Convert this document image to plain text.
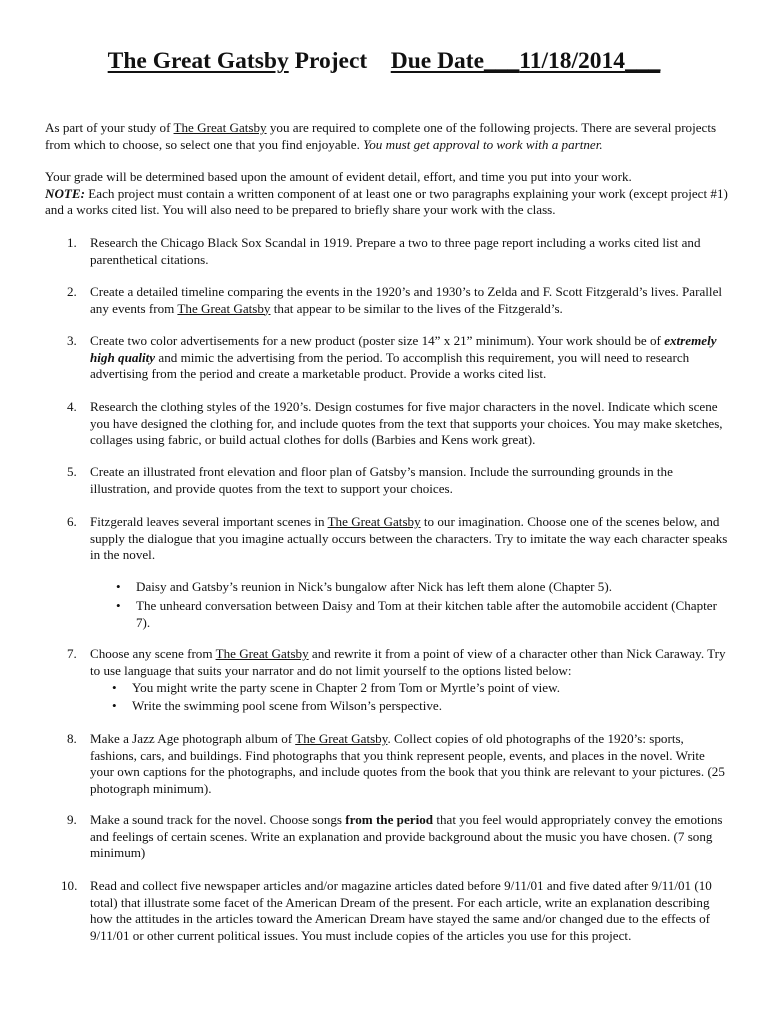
The Great Gatsby Project Due Date___11/18/2014___
As part of your study of The Great Gatsby you are required to complete one of the following projects. There are several projects from which to choose, so select one that you find enjoyable. You must get approval to work with a partner.
Your grade will be determined based upon the amount of evident detail, effort, and time you put into your work.
NOTE: Each project must contain a written component of at least one or two paragraphs explaining your work (except project #1) and a works cited list. You will also need to be prepared to briefly share your work with the class.
1. Research the Chicago Black Sox Scandal in 1919. Prepare a two to three page report including a works cited list and parenthetical citations.
2. Create a detailed timeline comparing the events in the 1920’s and 1930’s to Zelda and F. Scott Fitzgerald’s lives. Parallel any events from The Great Gatsby that appear to be similar to the lives of the Fitzgerald’s.
3. Create two color advertisements for a new product (poster size 14” x 21” minimum). Your work should be of extremely high quality and mimic the advertising from the period. To accomplish this requirement, you will need to research advertising from the period and create a marketable product. Provide a works cited list.
4. Research the clothing styles of the 1920’s. Design costumes for five major characters in the novel. Indicate which scene you have designed the clothing for, and include quotes from the text that supports your choices. You may make sketches, collages using fabric, or build actual clothes for dolls (Barbies and Kens work great).
5. Create an illustrated front elevation and floor plan of Gatsby’s mansion. Include the surrounding grounds in the illustration, and provide quotes from the text to support your choices.
6. Fitzgerald leaves several important scenes in The Great Gatsby to our imagination. Choose one of the scenes below, and supply the dialogue that you imagine actually occurs between the characters. Try to imitate the way each character speaks in the novel.
• Daisy and Gatsby’s reunion in Nick’s bungalow after Nick has left them alone (Chapter 5).
• The unheard conversation between Daisy and Tom at their kitchen table after the automobile accident (Chapter 7).
7. Choose any scene from The Great Gatsby and rewrite it from a point of view of a character other than Nick Caraway. Try to use language that suits your narrator and do not limit yourself to the options listed below:
• You might write the party scene in Chapter 2 from Tom or Myrtle’s point of view.
• Write the swimming pool scene from Wilson’s perspective.
8. Make a Jazz Age photograph album of The Great Gatsby. Collect copies of old photographs of the 1920’s: sports, fashions, cars, and buildings. Find photographs that you think represent people, events, and places in the novel. Write your own captions for the photographs, and include quotes from the book that you think are relevant to your pictures. (25 photograph minimum).
9. Make a sound track for the novel. Choose songs from the period that you feel would appropriately convey the emotions and feelings of certain scenes. Write an explanation and provide background about the music you have chosen. (7 song minimum)
10. Read and collect five newspaper articles and/or magazine articles dated before 9/11/01 and five dated after 9/11/01 (10 total) that illustrate some facet of the American Dream of the present. For each article, write an explanation describing how the attitudes in the articles toward the American Dream have stayed the same and/or changed due to the effects of 9/11/01 or other current political issues. You must include copies of the articles you use for this project.
